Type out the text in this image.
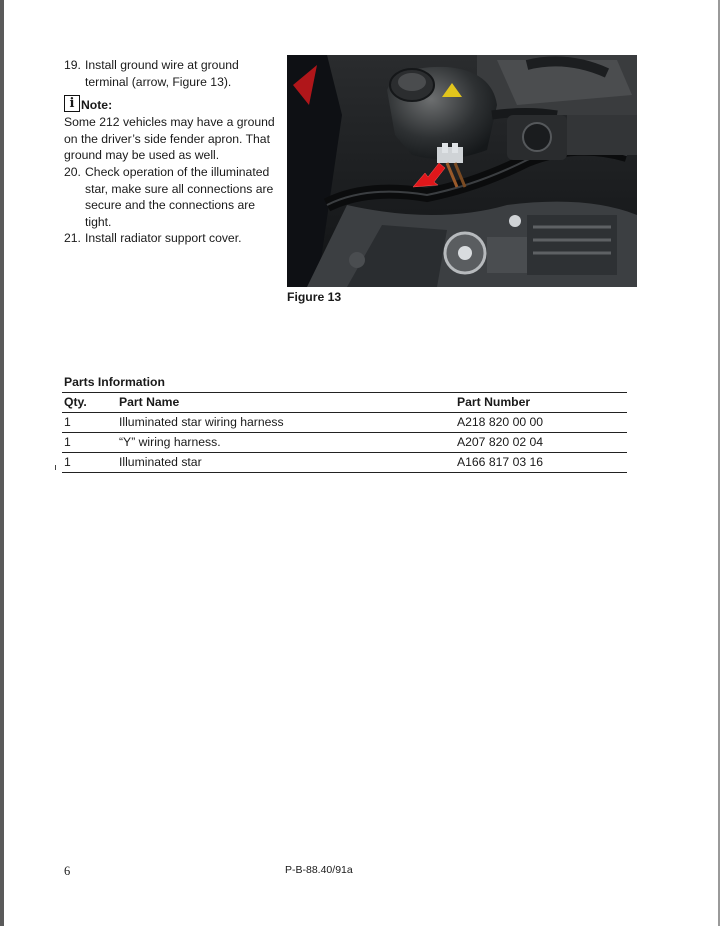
19. Install ground wire at ground terminal (arrow, Figure 13).
i Note:
Some 212 vehicles may have a ground on the driver’s side fender apron. That ground may be used as well.
20. Check operation of the illuminated star, make sure all connections are secure and the connections are tight.
21. Install radiator support cover.
Figure 13
Parts Information
Qty.	Part Name	Part Number
1	Illuminated star wiring harness	A218 820 00 00
1	“Y” wiring harness.	A207 820 02 04
1	Illuminated star	A166 817 03 16
6	P-B-88.40/91a
